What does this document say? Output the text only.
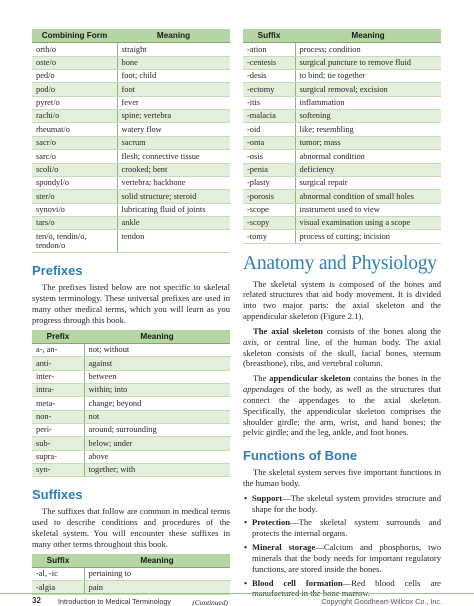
Combining Form	Meaning
orth/o	straight
oste/o	bone
ped/o	foot; child
pod/o	foot
pyret/o	fever
rachi/o	spine; vertebra
rheumat/o	watery flow
sacr/o	sacrum
sarc/o	flesh; connective tissue
scoli/o	crooked; bent
spondyl/o	vertebra; backbone
ster/o	solid structure; steroid
synovi/o	lubricating fluid of joints
tars/o	ankle
ten/o, tendin/o, tendon/o	tendon
Prefixes

The prefixes listed below are not specific to skeletal system terminology. These universal prefixes are used in many other medical terms, which you will learn as you progress through this book.

Prefix	Meaning
a-, an-	not; without
anti-	against
inter-	between
intra-	within; into
meta-	change; beyond
non-	not
peri-	around; surrounding
sub-	below; under
supra-	above
syn-	together; with
Suffixes

The suffixes that follow are common in medical terms used to describe conditions and procedures of the skeletal system. You will encounter these suffixes in many other terms throughout this book.

Suffix	Meaning
-al, -ic	pertaining to
-algia	pain
(Continued)
Suffix	Meaning
-ation	process; condition
-centesis	surgical puncture to remove fluid
-desis	to bind; tie together
-ectomy	surgical removal; excision
-itis	inflammation
-malacia	softening
-oid	like; resembling
-oma	tumor; mass
-osis	abnormal condition
-penia	deficiency
-plasty	surgical repair
-porosis	abnormal condition of small holes
-scope	instrument used to view
-scopy	visual examination using a scope
-tomy	process of cutting; incision
Anatomy and Physiology

The skeletal system is composed of the bones and related structures that aid body movement. It is divided into two major parts: the axial skeleton and the appendicular skeleton (Figure 2.1).

The axial skeleton consists of the bones along the axis, or central line, of the human body. The axial skeleton consists of the skull, facial bones, sternum (breastbone), ribs, and vertebral column.

The appendicular skeleton contains the bones in the appendages of the body, as well as the structures that connect the appendages to the axial skeleton. Specifically, the appendicular skeleton comprises the shoulder girdle; the arm, wrist, and hand bones; the pelvic girdle; and the leg, ankle, and foot bones.

Functions of Bone

The skeletal system serves five important functions in the human body.

• Support—The skeletal system provides structure and shape for the body.
• Protection—The skeletal system surrounds and protects the internal organs.
• Mineral storage—Calcium and phosphorus, two minerals that the body needs for important regulatory functions, are stored inside the bones.
• Blood cell formation—Red blood cells are
32 Introduction to Medical Terminology	Copyright Goodheart-Willcox Co., Inc.
